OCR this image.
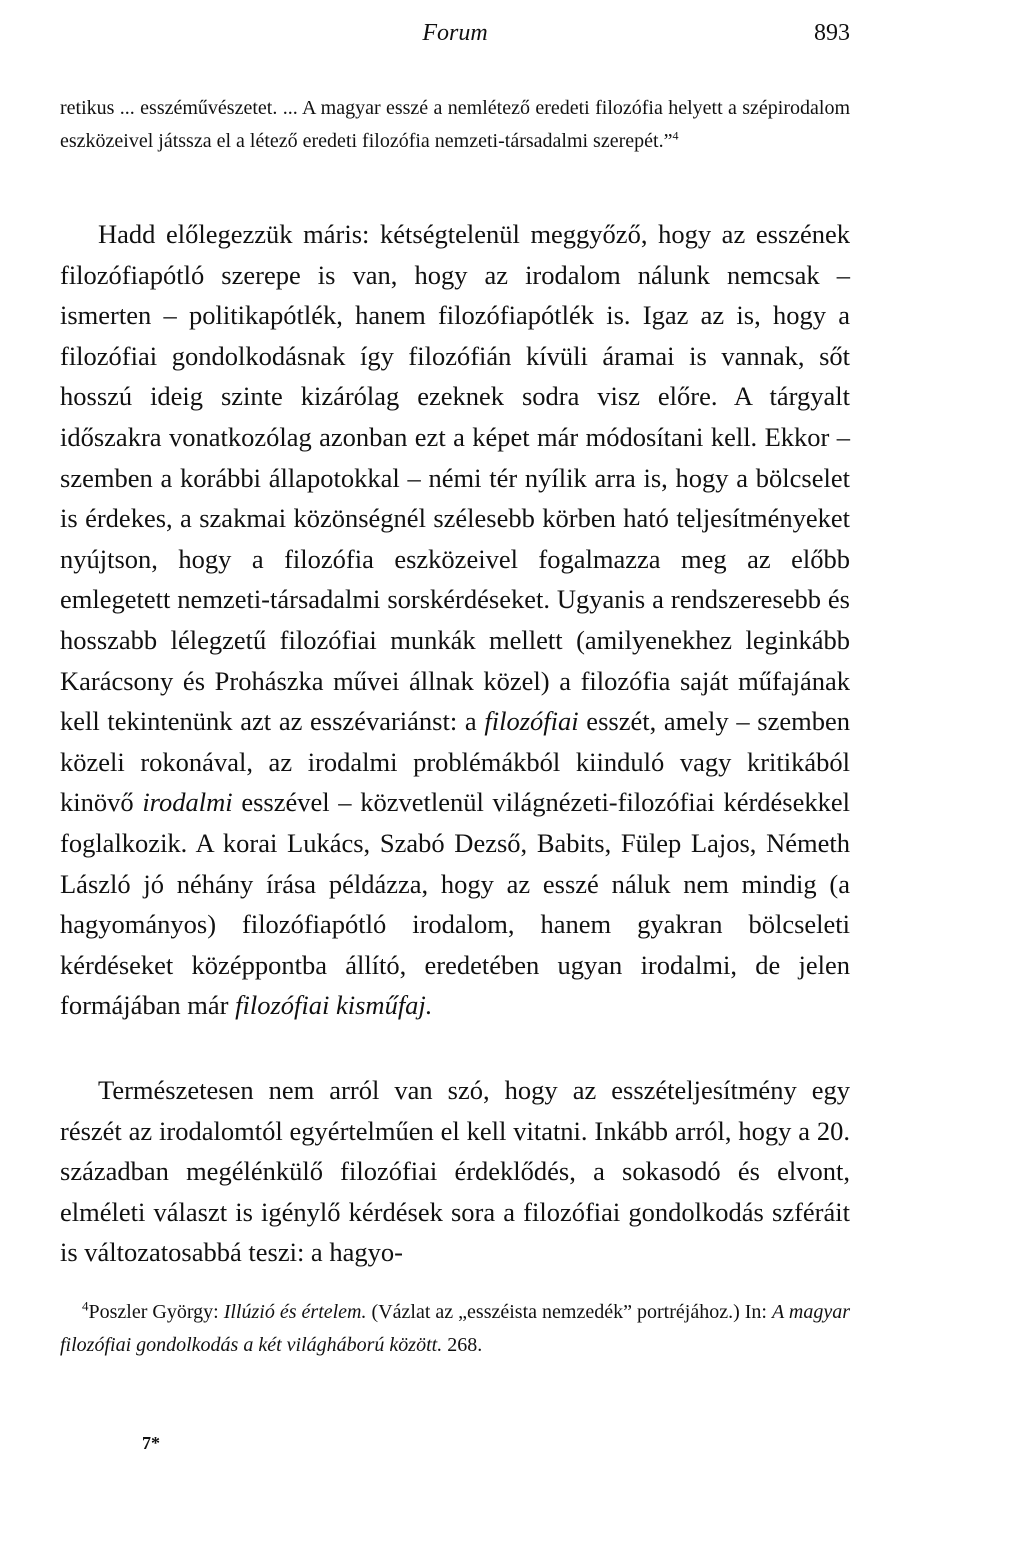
Forum	893
retikus ... esszéművészetet. ... A magyar esszé a nemlétező eredeti filozófia helyett a szépirodalom eszközeivel játssza el a létező eredeti filozófia nemzeti-társadalmi szerepét.”$^4$
Hadd előlegezzük máris: kétségtelenül meggyőző, hogy az esszének filozófiapótló szerepe is van, hogy az irodalom nálunk nemcsak – ismerten – politikapótlék, hanem filozófiapótlék is. Igaz az is, hogy a filozófiai gondolkodásnak így filozófián kívüli áramai is vannak, sőt hosszú ideig szinte kizárólag ezeknek sodra visz előre. A tárgyalt időszakra vonatkozólag azonban ezt a képet már módosítani kell. Ekkor – szemben a korábbi állapotokkal – némi tér nyílik arra is, hogy a bölcselet is érdekes, a szakmai közönségnél szélesebb körben ható teljesítményeket nyújtson, hogy a filozófia eszközeivel fogalmazza meg az előbb emlegetett nemzeti-társadalmi sorskérdéseket. Ugyanis a rendszeresebb és hosszabb lélegzetű filozófiai munkák mellett (amilyenekhez leginkább Karácsony és Prohászka művei állnak közel) a filozófia saját műfajának kell tekintenünk azt az esszévariánst: a filozófiai esszét, amely – szemben közeli rokonával, az irodalmi problémákból kiinduló vagy kritikából kinövő irodalmi esszével – közvetlenül világnézeti-filozófiai kérdésekkel foglalkozik. A korai Lukács, Szabó Dezső, Babits, Fülep Lajos, Németh László jó néhány írása példázza, hogy az esszé náluk nem mindig (a hagyományos) filozófiapótló irodalom, hanem gyakran bölcseleti kérdéseket középpontba állító, eredetében ugyan irodalmi, de jelen formájában már filozófiai kisműfaj.
Természetesen nem arról van szó, hogy az esszételjesítmény egy részét az irodalomtól egyértelműen el kell vitatni. Inkább arról, hogy a 20. században megélénkülő filozófiai érdeklődés, a sokasodó és elvont, elméleti választ is igénylő kérdések sora a filozófiai gondolkodás szféráit is változatosabbá teszi: a hagyo-
$^4$Poszler György: Illúzió és értelem. (Vázlat az „esszéista nemzedék” portréjához.) In: A magyar filozófiai gondolkodás a két világháború között. 268.
7*
